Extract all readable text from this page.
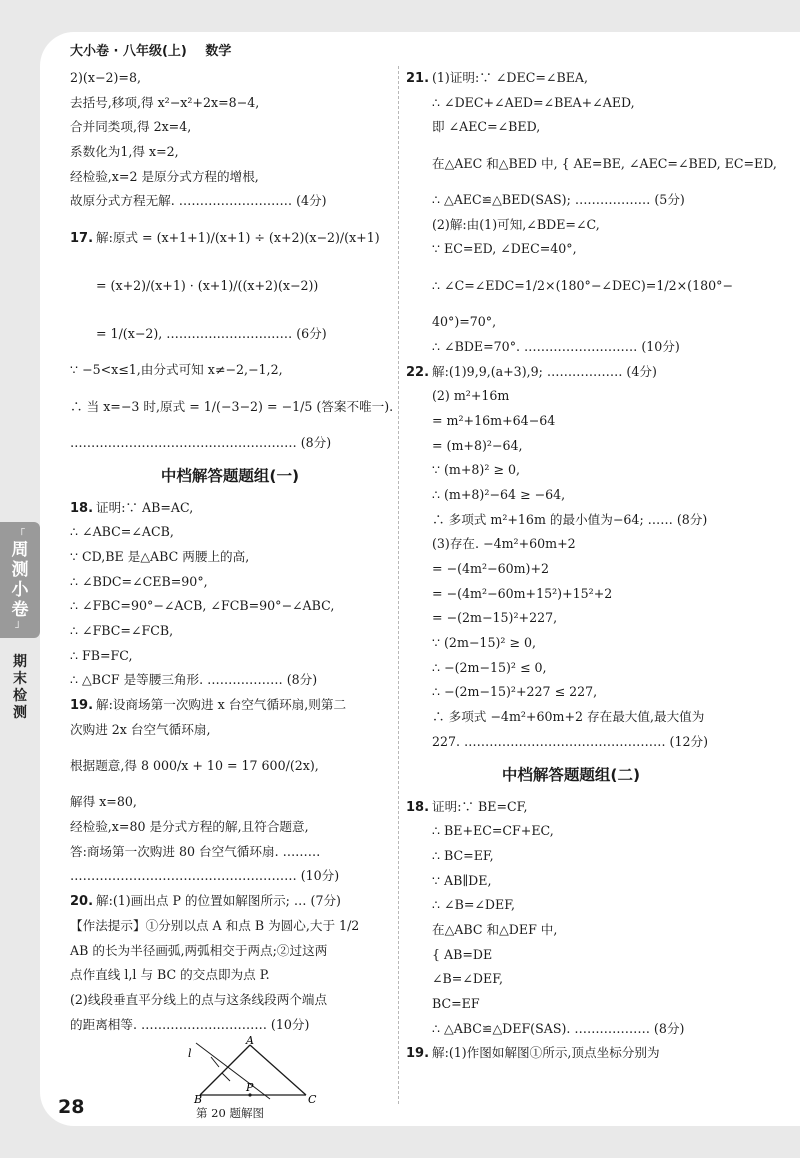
大小卷 · 八年级(上) 数学
2)(x−2)=8,
去括号,移项,得 x²−x²+2x=8−4,
合并同类项,得 2x=4,
系数化为1,得 x=2,
经检验,x=2 是原分式方程的增根,
故原分式方程无解. ……………………… (4分)
17. 解:原式 = (x+1+1)/(x+1) ÷ (x+2)(x−2)/(x+1)
= (x+2)/(x+1) · (x+1)/((x+2)(x−2))
= 1/(x−2), ………………………… (6分)
∵ −5<x≤1,由分式可知 x≠−2,−1,2,
∴ 当 x=−3 时,原式 = 1/(−3−2) = −1/5 (答案不唯一).
……………………………………………… (8分)
中档解答题题组(一)
18. 证明:∵ AB=AC,
∴ ∠ABC=∠ACB,
∵ CD,BE 是△ABC 两腰上的高,
∴ ∠BDC=∠CEB=90°,
∴ ∠FBC=90°−∠ACB, ∠FCB=90°−∠ABC,
∴ ∠FBC=∠FCB,
∴ FB=FC,
∴ △BCF 是等腰三角形. ……………… (8分)
19. 解:设商场第一次购进 x 台空气循环扇,则第二
次购进 2x 台空气循环扇,
根据题意,得 8 000/x + 10 = 17 600/(2x),
解得 x=80,
经检验,x=80 是分式方程的解,且符合题意,
答:商场第一次购进 80 台空气循环扇. ………
……………………………………………… (10分)
20. 解:(1)画出点 P 的位置如解图所示; … (7分)
【作法提示】①分别以点 A 和点 B 为圆心,大于 1/2
AB 的长为半径画弧,两弧相交于两点;②过这两
点作直线 l,l 与 BC 的交点即为点 P.
(2)线段垂直平分线上的点与这条线段两个端点
的距离相等. ………………………… (10分)
A
B	C
P
l
第 20 题解图
21. (1)证明:∵ ∠DEC=∠BEA,
∴ ∠DEC+∠AED=∠BEA+∠AED,
即 ∠AEC=∠BED,
在△AEC 和△BED 中, { AE=BE, ∠AEC=∠BED, EC=ED,
∴ △AEC≌△BED(SAS); ……………… (5分)
(2)解:由(1)可知,∠BDE=∠C,
∵ EC=ED, ∠DEC=40°,
∴ ∠C=∠EDC=1/2×(180°−∠DEC)=1/2×(180°−
40°)=70°,
∴ ∠BDE=70°. ……………………… (10分)
22. 解:(1)9,9,(a+3),9; ……………… (4分)
(2) m²+16m
= m²+16m+64−64
= (m+8)²−64,
∵ (m+8)² ≥ 0,
∴ (m+8)²−64 ≥ −64,
∴ 多项式 m²+16m 的最小值为−64; …… (8分)
(3)存在. −4m²+60m+2
= −(4m²−60m)+2
= −(4m²−60m+15²)+15²+2
= −(2m−15)²+227,
∵ (2m−15)² ≥ 0,
∴ −(2m−15)² ≤ 0,
∴ −(2m−15)²+227 ≤ 227,
∴ 多项式 −4m²+60m+2 存在最大值,最大值为
227. ………………………………………… (12分)
中档解答题题组(二)
18. 证明:∵ BE=CF,
∴ BE+EC=CF+EC,
∴ BC=EF,
∵ AB∥DE,
∴ ∠B=∠DEF,
在△ABC 和△DEF 中,
{ AB=DE
∠B=∠DEF,
BC=EF
∴ △ABC≌△DEF(SAS). ……………… (8分)
19. 解:(1)作图如解图①所示,顶点坐标分别为
「
周
测
小
卷
」
期
末
检
测
28
